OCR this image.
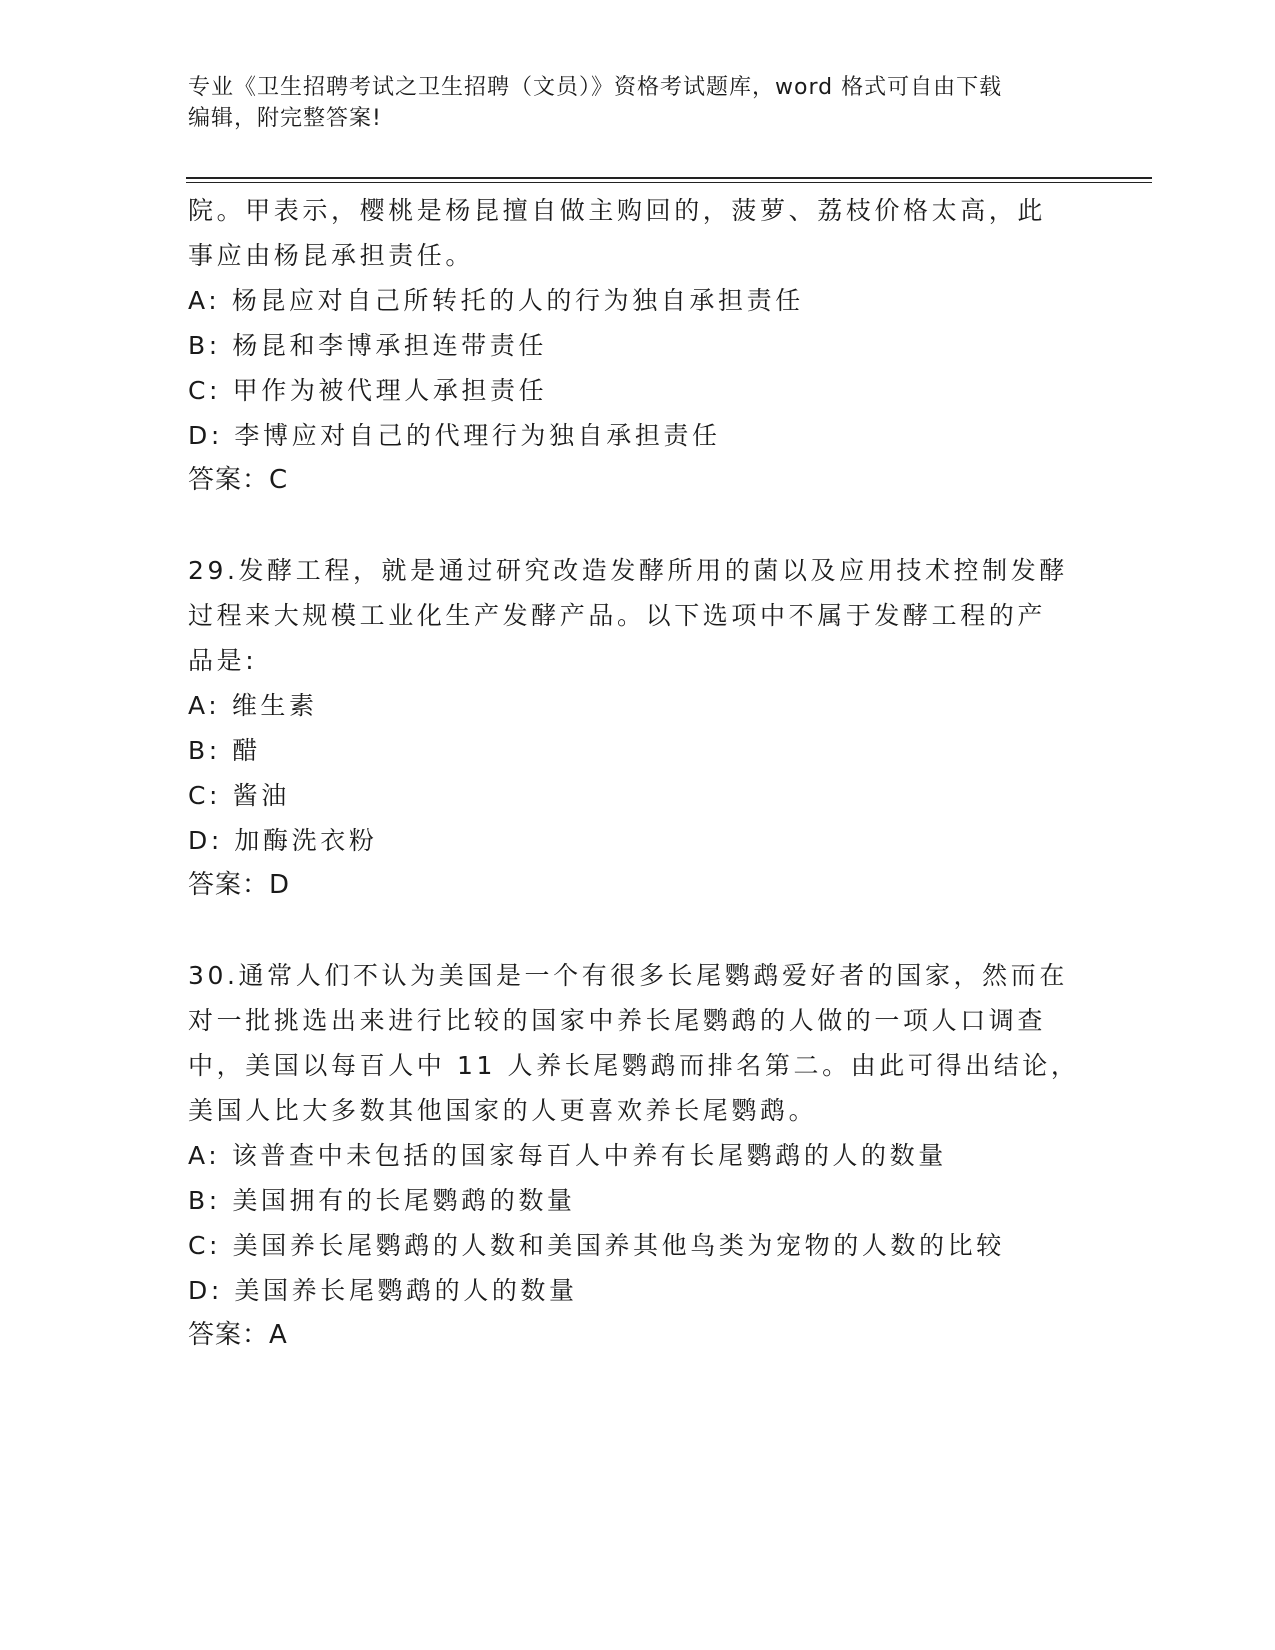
专业《卫生招聘考试之卫生招聘（文员）》资格考试题库，word 格式可自由下载
编辑，附完整答案!
院。甲表示，樱桃是杨昆擅自做主购回的，菠萝、荔枝价格太高，此
事应由杨昆承担责任。
A: 杨昆应对自己所转托的人的行为独自承担责任
B: 杨昆和李博承担连带责任
C: 甲作为被代理人承担责任
D: 李博应对自己的代理行为独自承担责任
答案：C
29.发酵工程，就是通过研究改造发酵所用的菌以及应用技术控制发酵
过程来大规模工业化生产发酵产品。以下选项中不属于发酵工程的产
品是:
A: 维生素
B: 醋
C: 酱油
D: 加酶洗衣粉
答案：D
30.通常人们不认为美国是一个有很多长尾鹦鹉爱好者的国家，然而在
对一批挑选出来进行比较的国家中养长尾鹦鹉的人做的一项人口调查
中，美国以每百人中 11 人养长尾鹦鹉而排名第二。由此可得出结论，
美国人比大多数其他国家的人更喜欢养长尾鹦鹉。
A: 该普查中未包括的国家每百人中养有长尾鹦鹉的人的数量
B: 美国拥有的长尾鹦鹉的数量
C: 美国养长尾鹦鹉的人数和美国养其他鸟类为宠物的人数的比较
D: 美国养长尾鹦鹉的人的数量
答案：A
